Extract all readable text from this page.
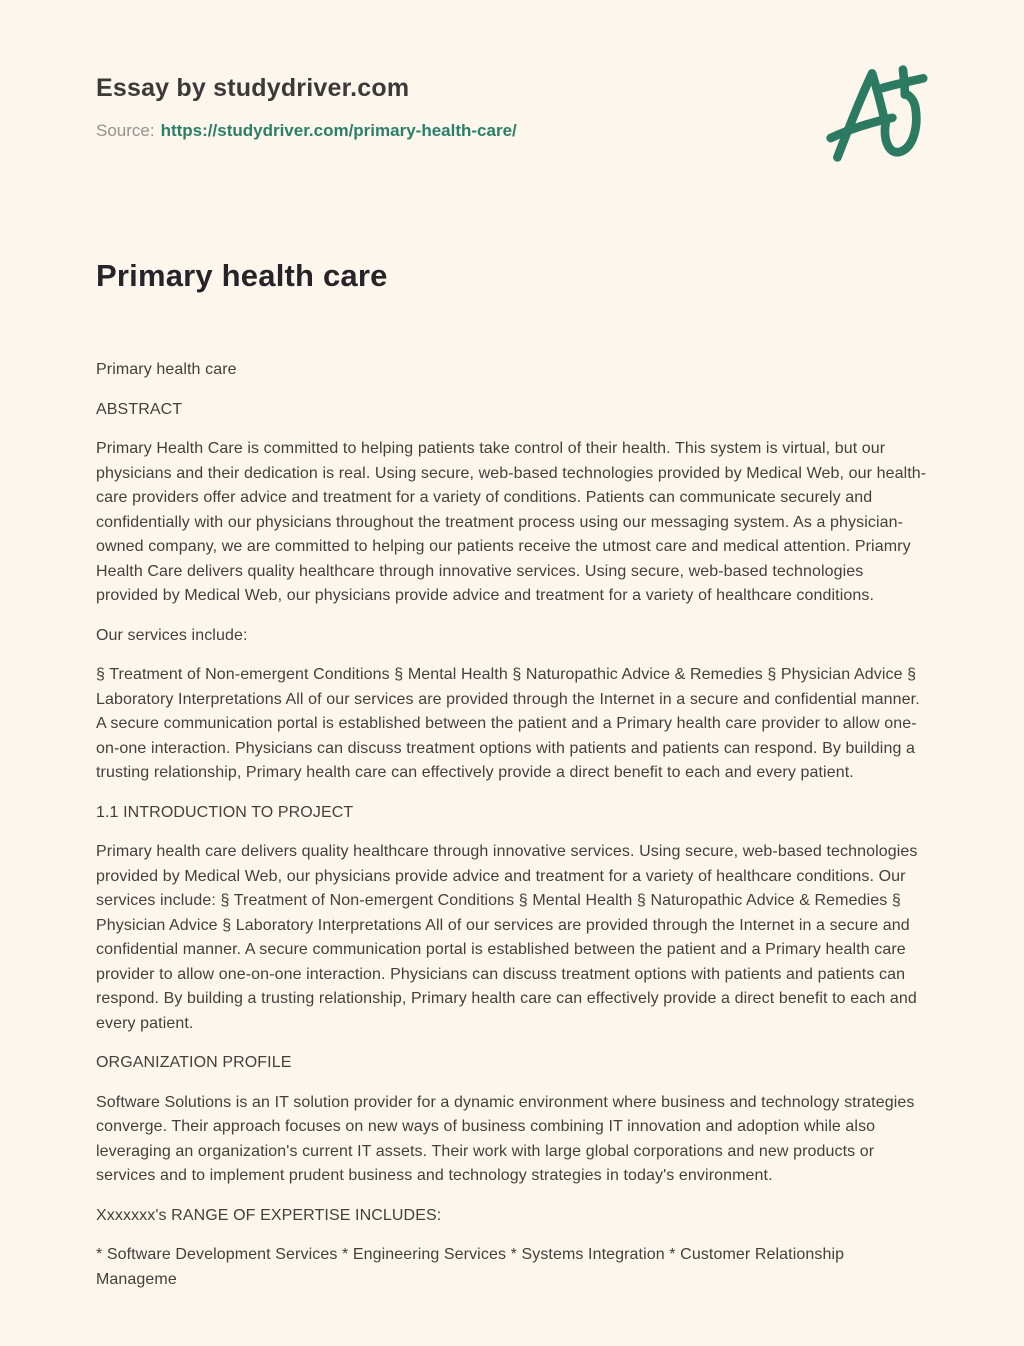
Essay by studydriver.com
Source: https://studydriver.com/primary-health-care/
Primary health care

Primary health care

ABSTRACT

Primary Health Care is committed to helping patients take control of their health. This system is virtual, but our physicians and their dedication is real. Using secure, web-based technologies provided by Medical Web, our health-care providers offer advice and treatment for a variety of conditions. Patients can communicate securely and confidentially with our physicians throughout the treatment process using our messaging system. As a physician-owned company, we are committed to helping our patients receive the utmost care and medical attention. Priamry Health Care delivers quality healthcare through innovative services. Using secure, web-based technologies provided by Medical Web, our physicians provide advice and treatment for a variety of healthcare conditions.

Our services include:

§ Treatment of Non-emergent Conditions § Mental Health § Naturopathic Advice & Remedies § Physician Advice § Laboratory Interpretations All of our services are provided through the Internet in a secure and confidential manner. A secure communication portal is established between the patient and a Primary health care provider to allow one-on-one interaction. Physicians can discuss treatment options with patients and patients can respond. By building a trusting relationship, Primary health care can effectively provide a direct benefit to each and every patient.

1.1 INTRODUCTION TO PROJECT

Primary health care delivers quality healthcare through innovative services. Using secure, web-based technologies provided by Medical Web, our physicians provide advice and treatment for a variety of healthcare conditions. Our services include: § Treatment of Non-emergent Conditions § Mental Health § Naturopathic Advice & Remedies § Physician Advice § Laboratory Interpretations All of our services are provided through the Internet in a secure and confidential manner. A secure communication portal is established between the patient and a Primary health care provider to allow one-on-one interaction. Physicians can discuss treatment options with patients and patients can respond. By building a trusting relationship, Primary health care can effectively provide a direct benefit to each and every patient.

ORGANIZATION PROFILE

Software Solutions is an IT solution provider for a dynamic environment where business and technology strategies converge. Their approach focuses on new ways of business combining IT innovation and adoption while also leveraging an organization's current IT assets. Their work with large global corporations and new products or services and to implement prudent business and technology strategies in today's environment.

Xxxxxxx's RANGE OF EXPERTISE INCLUDES:

* Software Development Services * Engineering Services * Systems Integration * Customer Relationship Manageme
